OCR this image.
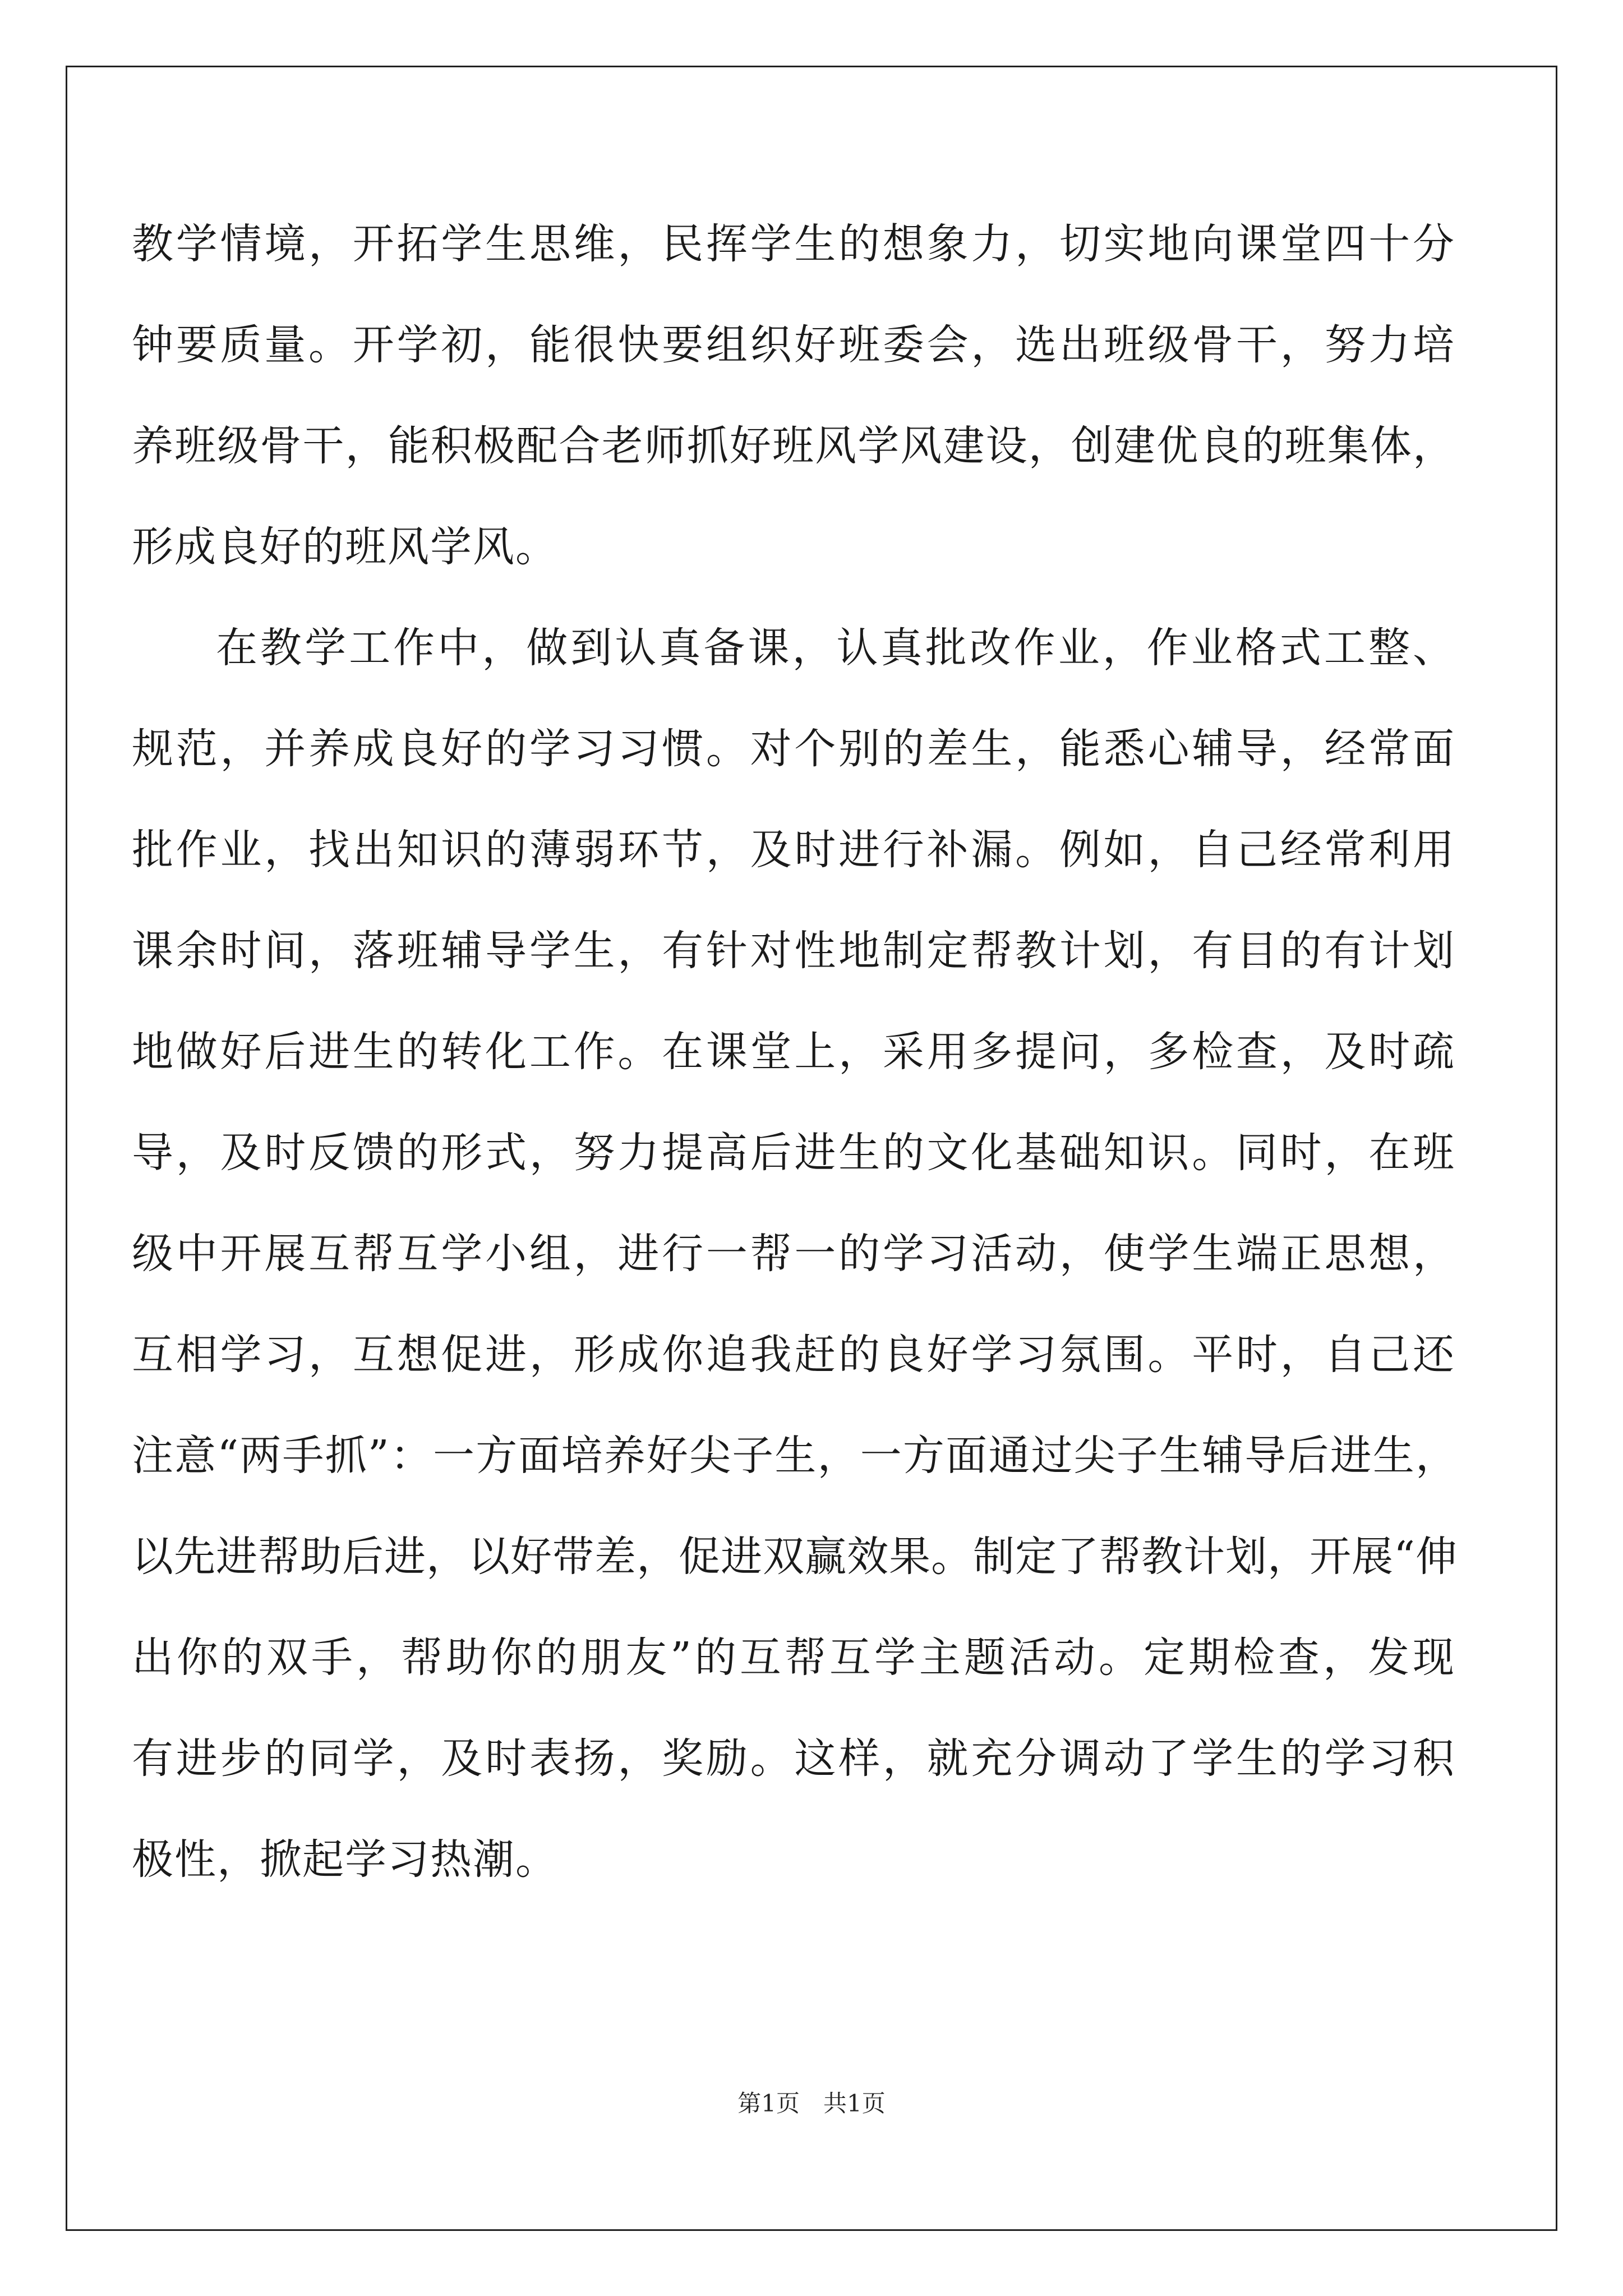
教学情境，开拓学生思维，民挥学生的想象力，切实地向课堂四十分
钟要质量。开学初，能很快要组织好班委会，选出班级骨干，努力培
养班级骨干，能积极配合老师抓好班风学风建设，创建优良的班集体，
形成良好的班风学风。
在教学工作中，做到认真备课，认真批改作业，作业格式工整、
规范，并养成良好的学习习惯。对个别的差生，能悉心辅导，经常面
批作业，找出知识的薄弱环节，及时进行补漏。例如，自己经常利用
课余时间，落班辅导学生，有针对性地制定帮教计划，有目的有计划
地做好后进生的转化工作。在课堂上，采用多提问，多检查，及时疏
导，及时反馈的形式，努力提高后进生的文化基础知识。同时，在班
级中开展互帮互学小组，进行一帮一的学习活动，使学生端正思想，
互相学习，互想促进，形成你追我赶的良好学习氛围。平时，自己还
注意“两手抓”：一方面培养好尖子生，一方面通过尖子生辅导后进生，
以先进帮助后进，以好带差，促进双赢效果。制定了帮教计划，开展“伸
出你的双手，帮助你的朋友”的互帮互学主题活动。定期检查，发现
有进步的同学，及时表扬，奖励。这样，就充分调动了学生的学习积
极性，掀起学习热潮。
第1页　共1页
